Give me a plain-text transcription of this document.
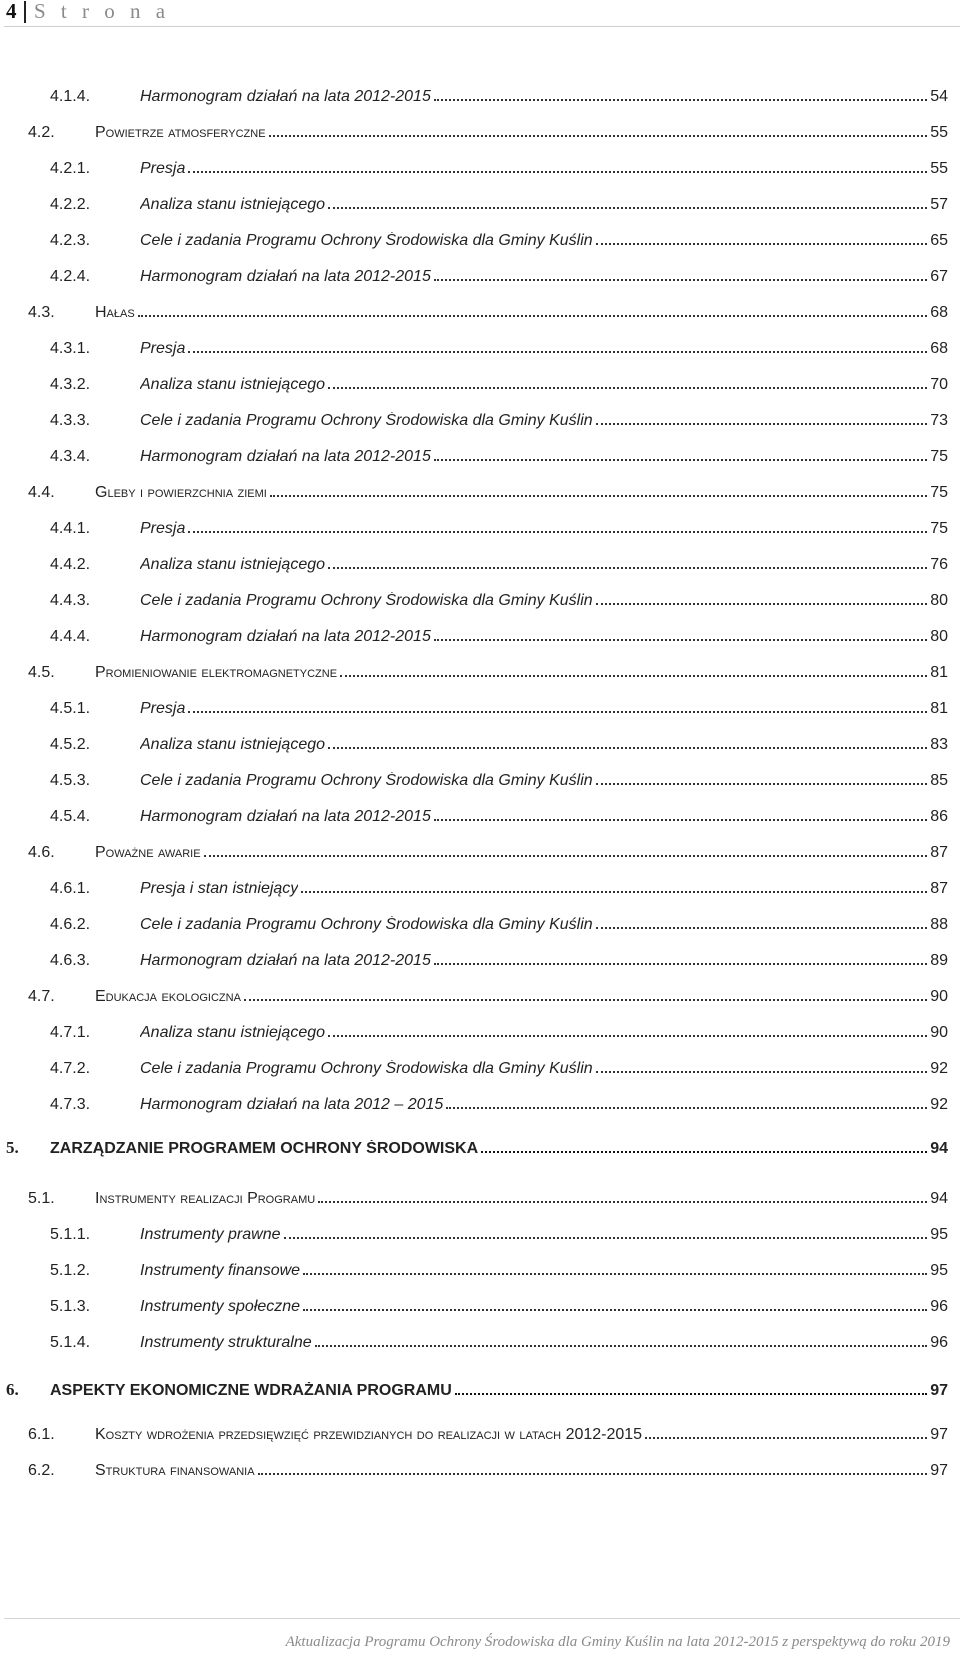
4 S t r o n a
4.1.4.	Harmonogram działań na lata 2012-2015	54
4.2.	Powietrze atmosferyczne	55
4.2.1.	Presja	55
4.2.2.	Analiza stanu istniejącego	57
4.2.3.	Cele i zadania Programu Ochrony Środowiska dla Gminy Kuślin	65
4.2.4.	Harmonogram działań na lata 2012-2015	67
4.3.	Hałas	68
4.3.1.	Presja	68
4.3.2.	Analiza stanu istniejącego	70
4.3.3.	Cele i zadania Programu Ochrony Środowiska dla Gminy Kuślin	73
4.3.4.	Harmonogram działań na lata 2012-2015	75
4.4.	Gleby i powierzchnia ziemi	75
4.4.1.	Presja	75
4.4.2.	Analiza stanu istniejącego	76
4.4.3.	Cele i zadania Programu Ochrony Środowiska dla Gminy Kuślin	80
4.4.4.	Harmonogram działań na lata 2012-2015	80
4.5.	Promieniowanie elektromagnetyczne	81
4.5.1.	Presja	81
4.5.2.	Analiza stanu istniejącego	83
4.5.3.	Cele i zadania Programu Ochrony Środowiska dla Gminy Kuślin	85
4.5.4.	Harmonogram działań na lata 2012-2015	86
4.6.	Poważne awarie	87
4.6.1.	Presja i stan istniejący	87
4.6.2.	Cele i zadania Programu Ochrony Środowiska dla Gminy Kuślin	88
4.6.3.	Harmonogram działań na lata 2012-2015	89
4.7.	Edukacja ekologiczna	90
4.7.1.	Analiza stanu istniejącego	90
4.7.2.	Cele i zadania Programu Ochrony Środowiska dla Gminy Kuślin	92
4.7.3.	Harmonogram działań na lata 2012 – 2015	92
5.	ZARZĄDZANIE PROGRAMEM OCHRONY ŚRODOWISKA	94
5.1.	Instrumenty realizacji Programu	94
5.1.1.	Instrumenty prawne	95
5.1.2.	Instrumenty finansowe	95
5.1.3.	Instrumenty społeczne	96
5.1.4.	Instrumenty strukturalne	96
6.	ASPEKTY EKONOMICZNE WDRAŻANIA PROGRAMU	97
6.1.	Koszty wdrożenia przedsięwzięć przewidzianych do realizacji w latach 2012-2015	97
6.2.	Struktura finansowania	97
Aktualizacja Programu Ochrony Środowiska dla Gminy Kuślin na lata 2012-2015 z perspektywą do roku 2019
